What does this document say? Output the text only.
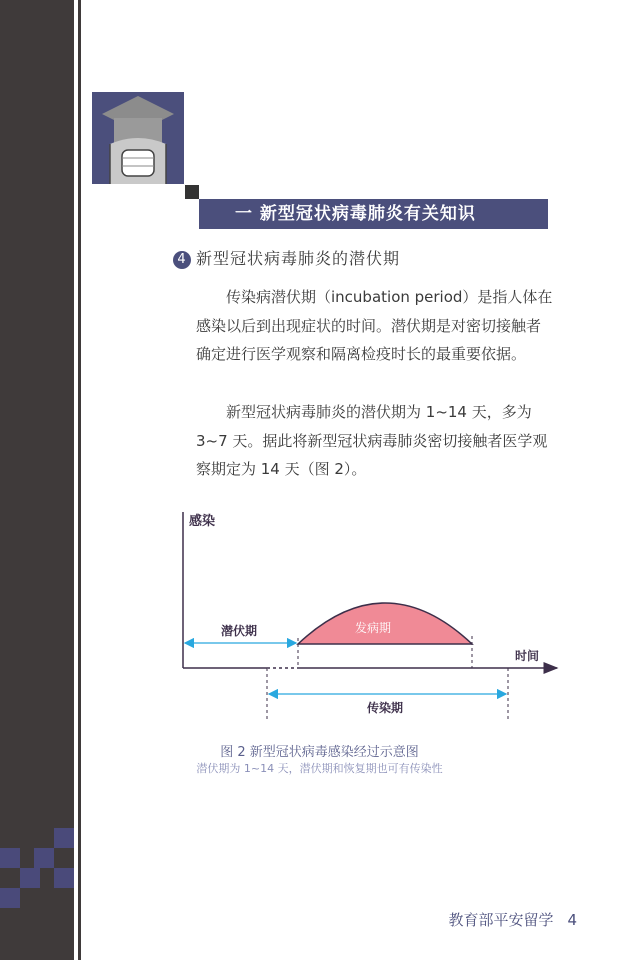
一 新型冠状病毒肺炎有关知识
4 新型冠状病毒肺炎的潜伏期

传染病潜伏期（incubation period）是指人体在感染以后到出现症状的时间。潜伏期是对密切接触者确定进行医学观察和隔离检疫时长的最重要依据。

新型冠状病毒肺炎的潜伏期为 1~14 天，多为 3~7 天。据此将新型冠状病毒肺炎密切接触者医学观察期定为 14 天（图 2）。

感染
时间
发病期
潜伏期
传染期
图 2 新型冠状病毒感染经过示意图
潜伏期为 1~14 天，潜伏期和恢复期也可有传染性
教育部平安留学 4
